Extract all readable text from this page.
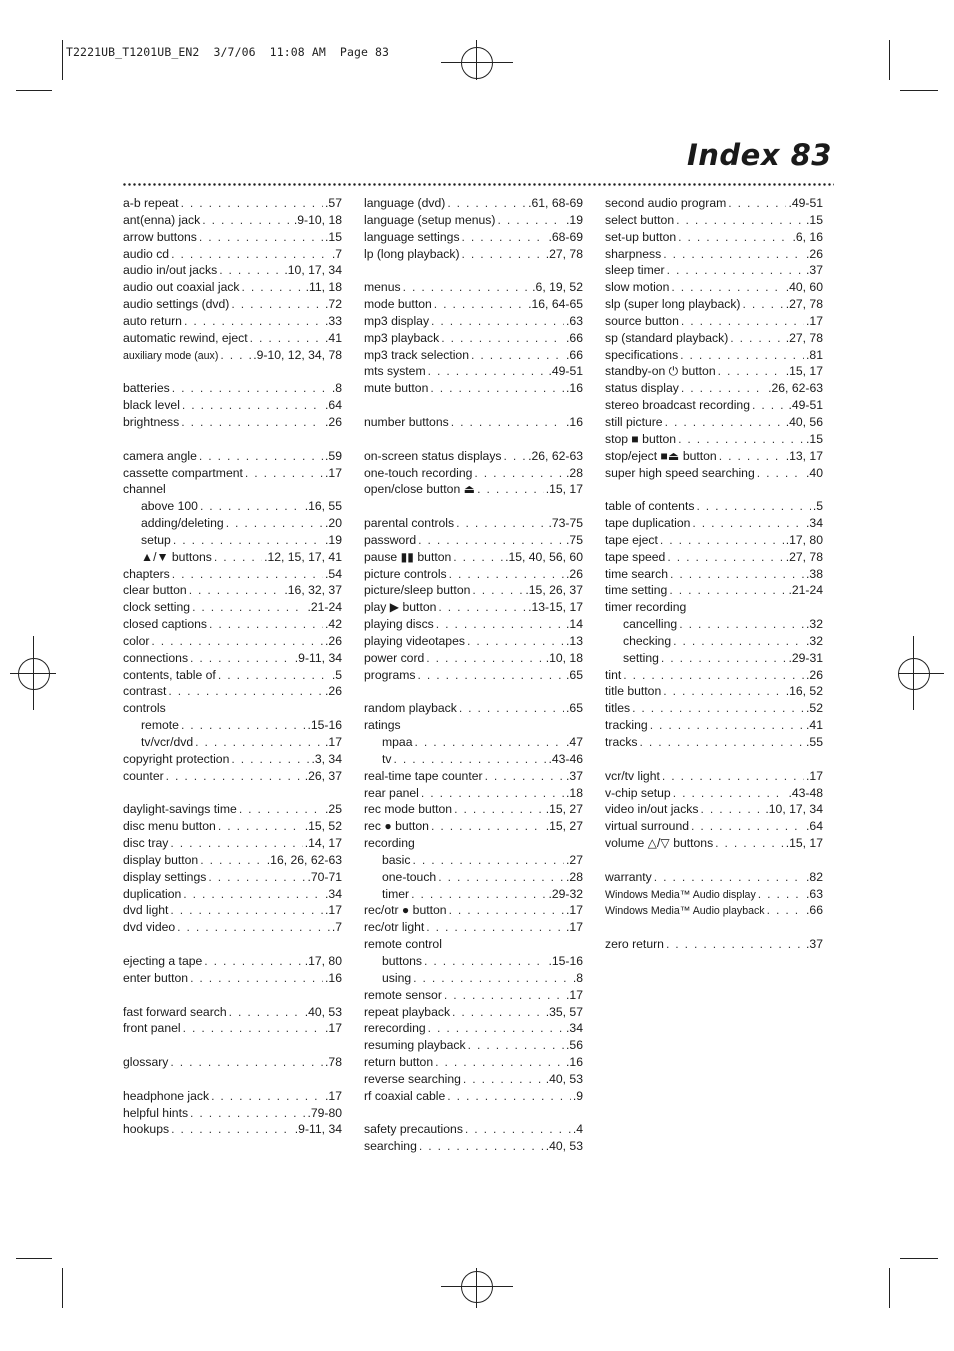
T2221UB_T1201UB_EN2  3/7/06  11:08 AM  Page 83
Index 83
a-b repeat . . .	.57
ant(enna) jack . . .	.9-10, 18
arrow buttons . . .	.15
audio cd . . .	.7
audio in/out jacks . . .	.10, 17, 34
audio out coaxial jack . . .	.11, 18
audio settings (dvd) . . .	.72
auto return . . .	.33
automatic rewind, eject . . .	.41
auxiliary mode (aux) . . .	.9-10, 12, 34, 78
batteries . . .	.8
black level . . .	.64
brightness . . .	.26
camera angle . . .	.59
cassette compartment . . .	.17
channel
above 100 . . .	.16, 55
adding/deleting . . .	.20
setup . . .	.19
▲/▼ buttons . . .	.12, 15, 17, 41
chapters . . .	.54
clear button . . .	.16, 32, 37
clock setting . . .	.21-24
closed captions . . .	.42
color . . .	.26
connections . . .	.9-11, 34
contents, table of . . .	.5
contrast . . .	.26
controls
remote . . .	.15-16
tv/vcr/dvd . . .	.17
copyright protection . . .	.3, 34
counter . . .	.26, 37
daylight-savings time . . .	.25
disc menu button . . .	.15, 52
disc tray . . .	.14, 17
display button . . .	.16, 26, 62-63
display settings . . .	.70-71
duplication . . .	.34
dvd light . . .	.17
dvd video . . .	.7
ejecting a tape . . .	.17, 80
enter button . . .	.16
fast forward search . . .	.40, 53
front panel . . .	.17
glossary . . .	.78
headphone jack . . .	.17
helpful hints . . .	.79-80
hookups . . .	.9-11, 34
language (dvd) . . .	.61, 68-69
language (setup menus) . . .	.19
language settings . . .	.68-69
lp (long playback) . . .	.27, 78
menus . . .	.6, 19, 52
mode button . . .	.16, 64-65
mp3 display . . .	.63
mp3 playback . . .	.66
mp3 track selection . . .	.66
mts system . . .	.49-51
mute button . . .	.16
number buttons . . .	.16
on-screen status displays . . . .26, 62-63
one-touch recording . . .	.28
open/close button ⏏ . . .	.15, 17
parental controls . . .	.73-75
password . . .	.75
pause ▮▮ button . . .	.15, 40, 56, 60
picture controls . . .	.26
picture/sleep button . . .	.15, 26, 37
play ▶ button . . .	.13-15, 17
playing discs . . .	.14
playing videotapes . . .	.13
power cord . . .	.10, 18
programs . . .	.65
random playback . . .	.65
ratings
mpaa . . .	.47
tv . . .	.43-46
real-time tape counter . . .	.37
rear panel . . .	.18
rec mode button . . .	.15, 27
rec ● button . . .	.15, 27
recording
basic . . .	.27
one-touch . . .	.28
timer . . .	.29-32
rec/otr ● button . . .	.17
rec/otr light . . .	.17
remote control
buttons . . .	.15-16
using . . .	.8
remote sensor . . .	.17
repeat playback . . .	.35, 57
rerecording . . .	.34
resuming playback . . .	.56
return button . . .	.16
reverse searching . . .	.40, 53
rf coaxial cable . . .	.9
safety precautions . . .	.4
searching . . .	.40, 53
second audio program . . .	.49-51
select button . . .	.15
set-up button . . .	.6, 16
sharpness . . .	.26
sleep timer . . .	.37
slow motion . . .	.40, 60
slp (super long playback) . . .	.27, 78
source button . . .	.17
sp (standard playback) . . .	.27, 78
specifications . . .	.81
standby-on ⏻ button . . .	.15, 17
status display . . .	.26, 62-63
stereo broadcast recording . . .	.49-51
still picture . . .	.40, 56
stop ■ button . . .	.15
stop/eject ■⏏ button . . .	.13, 17
super high speed searching . . .	.40
table of contents . . .	.5
tape duplication . . .	.34
tape eject . . .	.17, 80
tape speed . . .	.27, 78
time search . . .	.38
time setting . . .	.21-24
timer recording
cancelling . . .	.32
checking . . .	.32
setting . . .	.29-31
tint . . .	.26
title button . . .	.16, 52
titles . . .	.52
tracking . . .	.41
tracks . . .	.55
vcr/tv light . . .	.17
v-chip setup . . .	.43-48
video in/out jacks . . .	.10, 17, 34
virtual surround . . .	.64
volume △/▽ buttons . . .	.15, 17
warranty . . .	.82
Windows Media™ Audio display . . .	.63
Windows Media™ Audio playback . . .	.66
zero return . . .	.37
